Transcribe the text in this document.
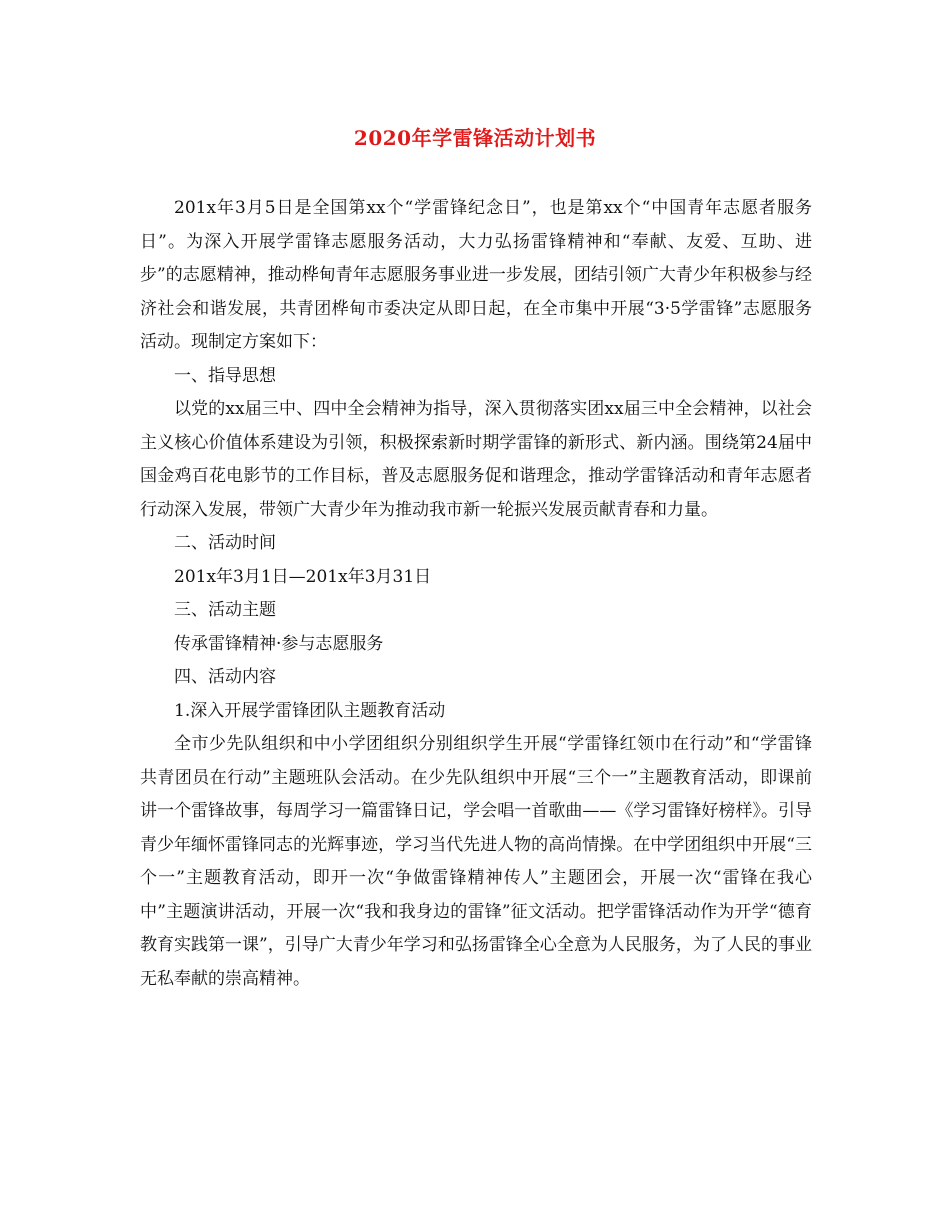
2020年学雷锋活动计划书

201x年3月5日是全国第xx个“学雷锋纪念日”，也是第xx个“中国青年志愿者服务日”。为深入开展学雷锋志愿服务活动，大力弘扬雷锋精神和“奉献、友爱、互助、进步”的志愿精神，推动桦甸青年志愿服务事业进一步发展，团结引领广大青少年积极参与经济社会和谐发展，共青团桦甸市委决定从即日起，在全市集中开展“3·5学雷锋”志愿服务活动。现制定方案如下：

一、指导思想

以党的xx届三中、四中全会精神为指导，深入贯彻落实团xx届三中全会精神，以社会主义核心价值体系建设为引领，积极探索新时期学雷锋的新形式、新内涵。围绕第24届中国金鸡百花电影节的工作目标，普及志愿服务促和谐理念，推动学雷锋活动和青年志愿者行动深入发展，带领广大青少年为推动我市新一轮振兴发展贡献青春和力量。

二、活动时间

201x年3月1日—201x年3月31日

三、活动主题

传承雷锋精神·参与志愿服务

四、活动内容

1.深入开展学雷锋团队主题教育活动

全市少先队组织和中小学团组织分别组织学生开展“学雷锋红领巾在行动”和“学雷锋共青团员在行动”主题班队会活动。在少先队组织中开展“三个一”主题教育活动，即课前讲一个雷锋故事，每周学习一篇雷锋日记，学会唱一首歌曲——《学习雷锋好榜样》。引导青少年缅怀雷锋同志的光辉事迹，学习当代先进人物的高尚情操。在中学团组织中开展“三个一”主题教育活动，即开一次“争做雷锋精神传人”主题团会，开展一次“雷锋在我心中”主题演讲活动，开展一次“我和我身边的雷锋”征文活动。把学雷锋活动作为开学“德育教育实践第一课”，引导广大青少年学习和弘扬雷锋全心全意为人民服务，为了人民的事业无私奉献的崇高精神。
